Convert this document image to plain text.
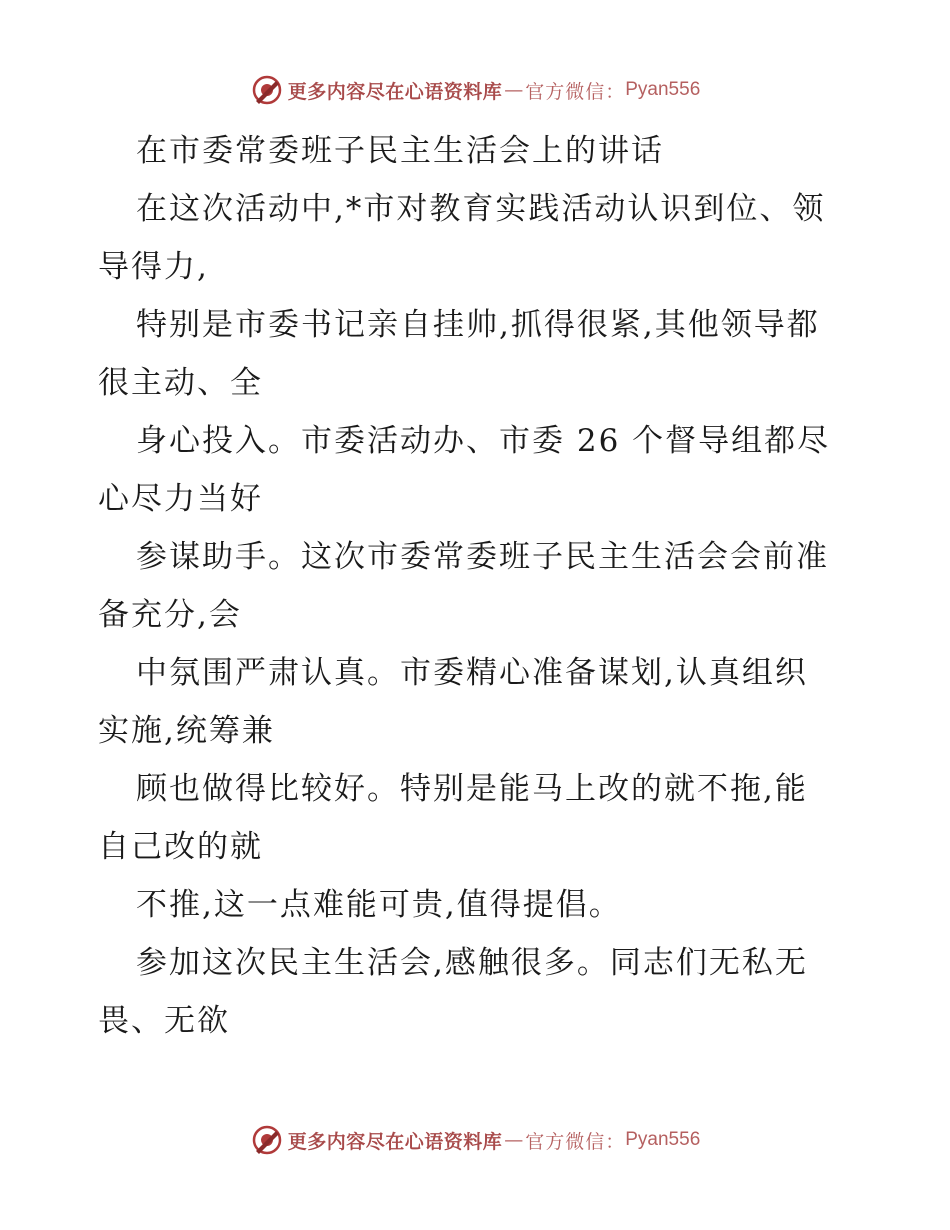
更多内容尽在心语资料库 — 官方微信： Pyan556
在市委常委班子民主生活会上的讲话
在这次活动中,*市对教育实践活动认识到位、领
导得力,
特别是市委书记亲自挂帅,抓得很紧,其他领导都
很主动、全
身心投入。市委活动办、市委 26 个督导组都尽
心尽力当好
参谋助手。这次市委常委班子民主生活会会前准
备充分,会
中氛围严肃认真。市委精心准备谋划,认真组织
实施,统筹兼
顾也做得比较好。特别是能马上改的就不拖,能
自己改的就
不推,这一点难能可贵,值得提倡。
参加这次民主生活会,感触很多。同志们无私无
畏、无欲
更多内容尽在心语资料库 — 官方微信： Pyan556
